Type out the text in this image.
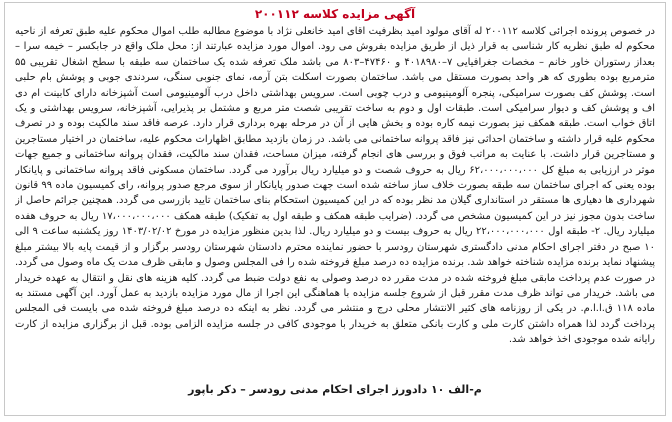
آگهی مزایده کلاسه ۲۰۰۱۱۲

در خصوص پرونده اجرائی کلاسه ۲۰۰۱۱۲ له آقای مولود امید بظرفیت اقای امید خانعلی نژاد با موضوع مطالبه طلب اموال محکوم علیه طبق تعرفه از ناحیه محکوم له طبق نظریه کار شناسی به قرار ذیل از طریق مزایده بفروش می رود. اموال مورد مزایده عبارتند از: محل ملک واقع در جابکسر – خیمه سرا – بعداز رستوران خاور خانم – مخصات جغرافیایی ۷–۴۰۱۸۹۸۰ و ۴۷۴۶۰–۸۰۳ می باشد ملک تعرفه شده یک ساختمان سه طبقه با سطح اشغال تقریبی ۵۵ مترمربع بوده بطوری که هر واحد بصورت مستقل می باشد. ساختمان بصورت اسکلت بتن آرمه، نمای جنوبی سنگی، سردندی جوبی و پوشش بام حلبی است. پوشش کف بصورت سرامیکی، پنجره آلومینیومی و درب چوبی است. سرویس بهداشتی داخل درب آلومینیومی است آشپزخانه دارای کابینت ام دی اف و پوشش کف و دیوار سرامیکی است. طبقات اول و دوم به ساخت تقریبی شصت متر مربع و مشتمل بر پذیرایی، آشپزخانه، سرویس بهداشتی و یک اتاق خواب است. طبقه همکف نیز بصورت نیمه کاره بوده و بخش هایی از آن در مرحله بهره برداری قرار دارد. عرصه فاقد سند مالکیت بوده و در تصرف محکوم علیه قرار داشته و ساختمان احداثی نیز فاقد پروانه ساختمانی می باشد. در زمان بازدید مطابق اظهارات محکوم علیه، ساختمان در اختیار مستاجرین و مستاجرین قرار داشت. با عنایت به مراتب فوق و بررسی های انجام گرفته، میزان مساحت، فقدان سند مالکیت، فقدان پروانه ساختمانی و جمیع جهات موثر در ارزیابی به مبلغ کل ۶۲،۰۰۰،۰۰۰،۰۰۰ ریال به حروف شصت و دو میلیارد ریال برآورد می گردد. ساختمان مسکونی فاقد پروانه ساختمانی و پایانکار بوده یعنی که اجرای ساختمان سه طبقه بصورت خلاف ساز ساخته شده است جهت صدور پایانکار از سوی مرجع صدور پروانه، رای کمیسیون ماده ۹۹ قانون شهرداری ها دهیاری ها مستقر در استانداری گیلان مد نظر بوده که در این کمیسیون استحکام بنای ساختمان تایید بازرسی می گردد. همچنین جرائم حاصل از ساخت بدون مجوز نیز در این کمیسیون مشخص می گردد. (ضرایب طبقه همکف و طبقه اول به تفکیک) طبقه همکف ۱۷،۰۰۰،۰۰۰،۰۰۰ ریال به حروف هفده میلیارد ریال. ۲- طبقه اول ۲۲،۰۰۰،۰۰۰،۰۰۰ ریال به حروف بیست و دو میلیارد ریال. لذا بدین منظور مزایده در مورخ ۱۴۰۳/۰۲/۰۲ روز یکشنبه ساعت ۹ الی ۱۰ صبح در دفتر اجرای احکام مدنی دادگستری شهرستان رودسر با حضور نماینده محترم دادستان شهرستان رودسر برگزار و از قیمت پایه بالا بیشتر مبلغ پیشنهاد نماید برنده مزایده شناخته خواهد شد. برنده مزایده ده درصد مبلغ فروخته شده را فی المجلس وصول و مابقی ظرف مدت یک ماه وصول می گردد. در صورت عدم پرداخت مابقی مبلغ فروخته شده در مدت مقرر ده درصد وصولی به نفع دولت ضبط می گردد. کلیه هزینه های نقل و انتقال به عهده خریدار می باشد. خریدار می تواند ظرف مدت مقرر قبل از شروع جلسه مزایده با هماهنگی این اجرا از مال مورد مزایده بازدید به عمل آورد. این آگهی مستند به ماده ۱۱۸ ق.ا.ا.م. در یکی از روزنامه های کثیر الانتشار محلی درج و منتشر می گردد. نظر به اینکه ده درصد مبلغ فروخته شده می بایست فی المجلس پرداخت گردد لذا همراه داشتن کارت ملی و کارت بانکی متعلق به خریدار با موجودی کافی در جلسه مزایده الزامی بوده. قبل از برگزاری مزایده از کارت رایانه شده موجودی اخذ خواهد شد.

م-الف ۱۰ دادورز اجرای احکام مدنی رودسر – دکر باپور
